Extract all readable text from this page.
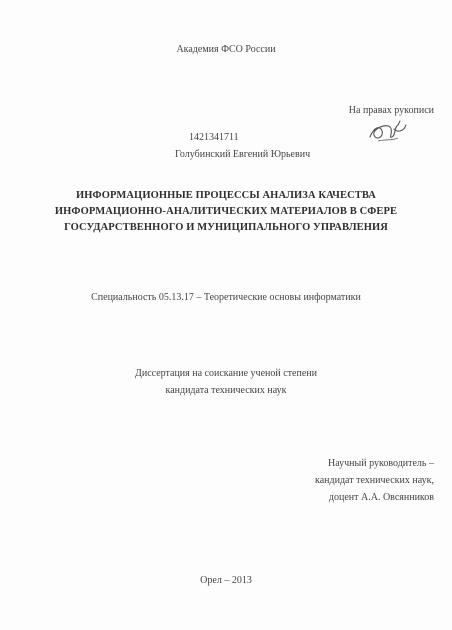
Академия ФСО России
На правах рукописи
1421341711
Голубинский Евгений Юрьевич
ИНФОРМАЦИОННЫЕ ПРОЦЕССЫ АНАЛИЗА КАЧЕСТВА
ИНФОРМАЦИОННО-АНАЛИТИЧЕСКИХ МАТЕРИАЛОВ В СФЕРЕ
ГОСУДАРСТВЕННОГО И МУНИЦИПАЛЬНОГО УПРАВЛЕНИЯ
Специальность 05.13.17 – Теоретические основы информатики
Диссертация на соискание ученой степени
кандидата технических наук
Научный руководитель –
кандидат технических наук,
доцент А.А. Овсянников
Орел – 2013
